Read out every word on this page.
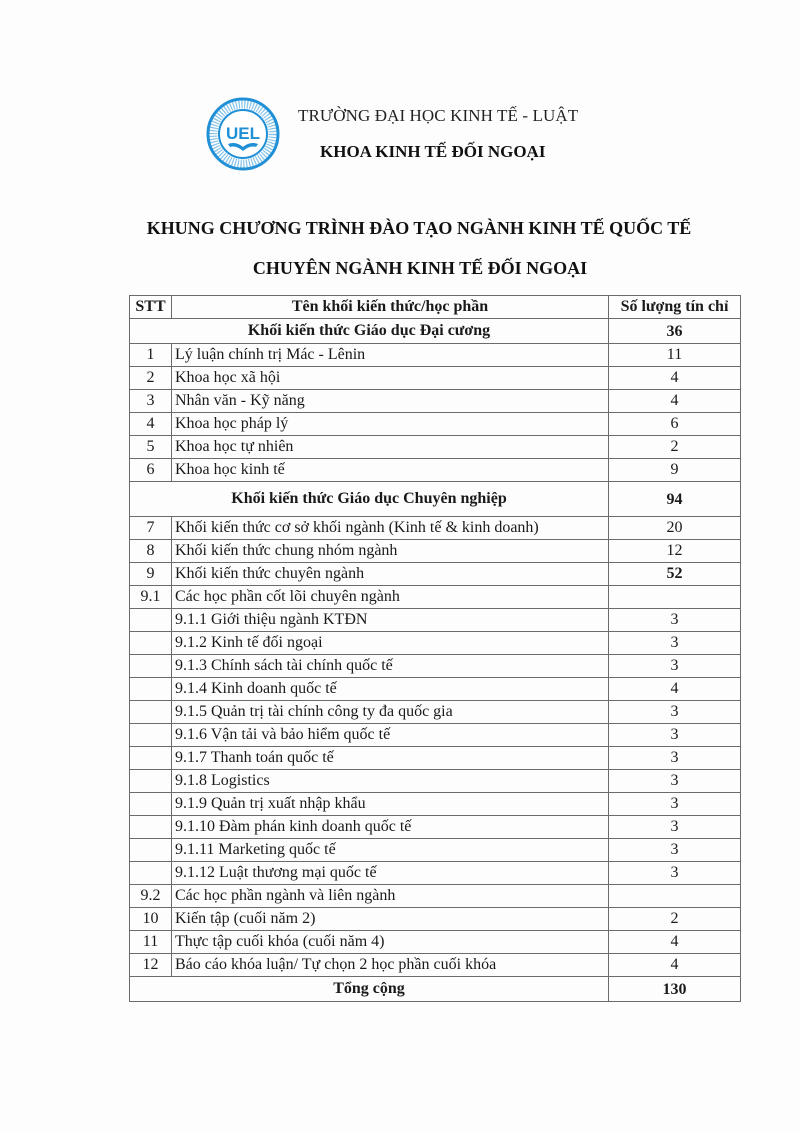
UEL
TRƯỜNG ĐẠI HỌC KINH TẾ - LUẬT
KHOA KINH TẾ ĐỐI NGOẠI
KHUNG CHƯƠNG TRÌNH ĐÀO TẠO NGÀNH KINH TẾ QUỐC TẾ
CHUYÊN NGÀNH KINH TẾ ĐỐI NGOẠI
STT	Tên khối kiến thức/học phần	Số lượng tín chỉ
Khối kiến thức Giáo dục Đại cương		36
1	Lý luận chính trị Mác - Lênin	11
2	Khoa học xã hội	4
3	Nhân văn - Kỹ năng	4
4	Khoa học pháp lý	6
5	Khoa học tự nhiên	2
6	Khoa học kinh tế	9
Khối kiến thức Giáo dục Chuyên nghiệp		94
7	Khối kiến thức cơ sở khối ngành (Kinh tế & kinh doanh)	20
8	Khối kiến thức chung nhóm ngành	12
9	Khối kiến thức chuyên ngành	52
9.1	Các học phần cốt lõi chuyên ngành	
	9.1.1 Giới thiệu ngành KTĐN	3
	9.1.2 Kinh tế đối ngoại	3
	9.1.3 Chính sách tài chính quốc tế	3
	9.1.4 Kinh doanh quốc tế	4
	9.1.5 Quản trị tài chính công ty đa quốc gia	3
	9.1.6 Vận tải và bảo hiểm quốc tế	3
	9.1.7 Thanh toán quốc tế	3
	9.1.8 Logistics	3
	9.1.9 Quản trị xuất nhập khẩu	3
	9.1.10 Đàm phán kinh doanh quốc tế	3
	9.1.11 Marketing quốc tế	3
	9.1.12 Luật thương mại quốc tế	3
9.2	Các học phần ngành và liên ngành	
10	Kiến tập (cuối năm 2)	2
11	Thực tập cuối khóa (cuối năm 4)	4
12	Báo cáo khóa luận/ Tự chọn 2 học phần cuối khóa	4
Tổng cộng		130
